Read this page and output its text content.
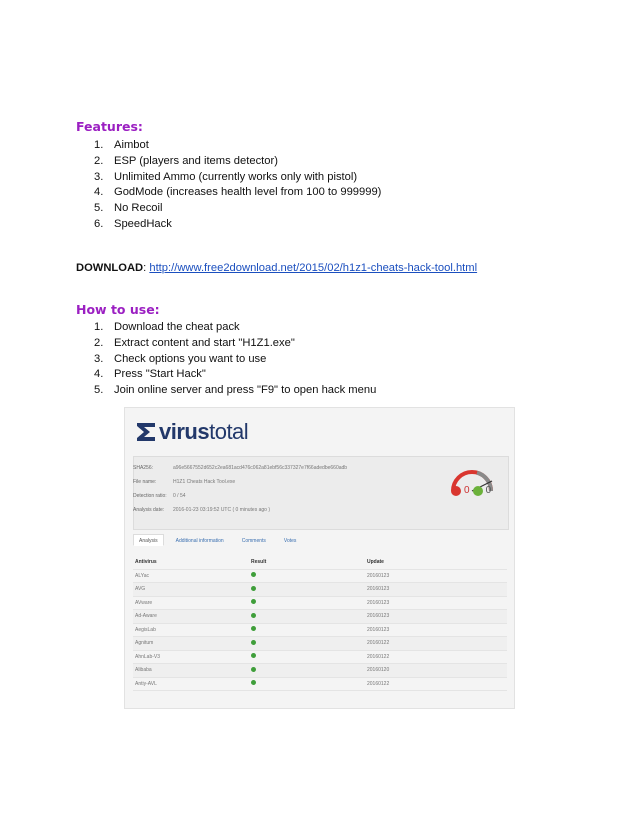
Features:
1. Aimbot
2. ESP (players and items detector)
3. Unlimited Ammo (currently works only with pistol)
4. GodMode (increases health level from 100 to 999999)
5. No Recoil
6. SpeedHack
DOWNLOAD: http://www.free2download.net/2015/02/h1z1-cheats-hack-tool.html
How to use:
1. Download the cheat pack
2. Extract content and start "H1Z1.exe"
3. Check options you want to use
4. Press "Start Hack"
5. Join online server and press "F9" to open hack menu
virustotal
SHA256:	a96e5667552d652c2ea681acd476c062a81ebf56c337327e7f66adedbe660adb
File name:	H1Z1 Cheats Hack Tool.exe
Detection ratio: 0 / 54
Analysis date: 2016-01-23 03:19:52 UTC ( 0 minutes ago )
0 0
Analysis	Additional information	Comments	Votes
Antivirus	Result	Update
ALYac		20160123
AVG		20160123
AVware		20160123
Ad-Aware		20160123
AegisLab		20160123
Agnitum		20160122
AhnLab-V3		20160122
Alibaba		20160120
Antiy-AVL		20160122
